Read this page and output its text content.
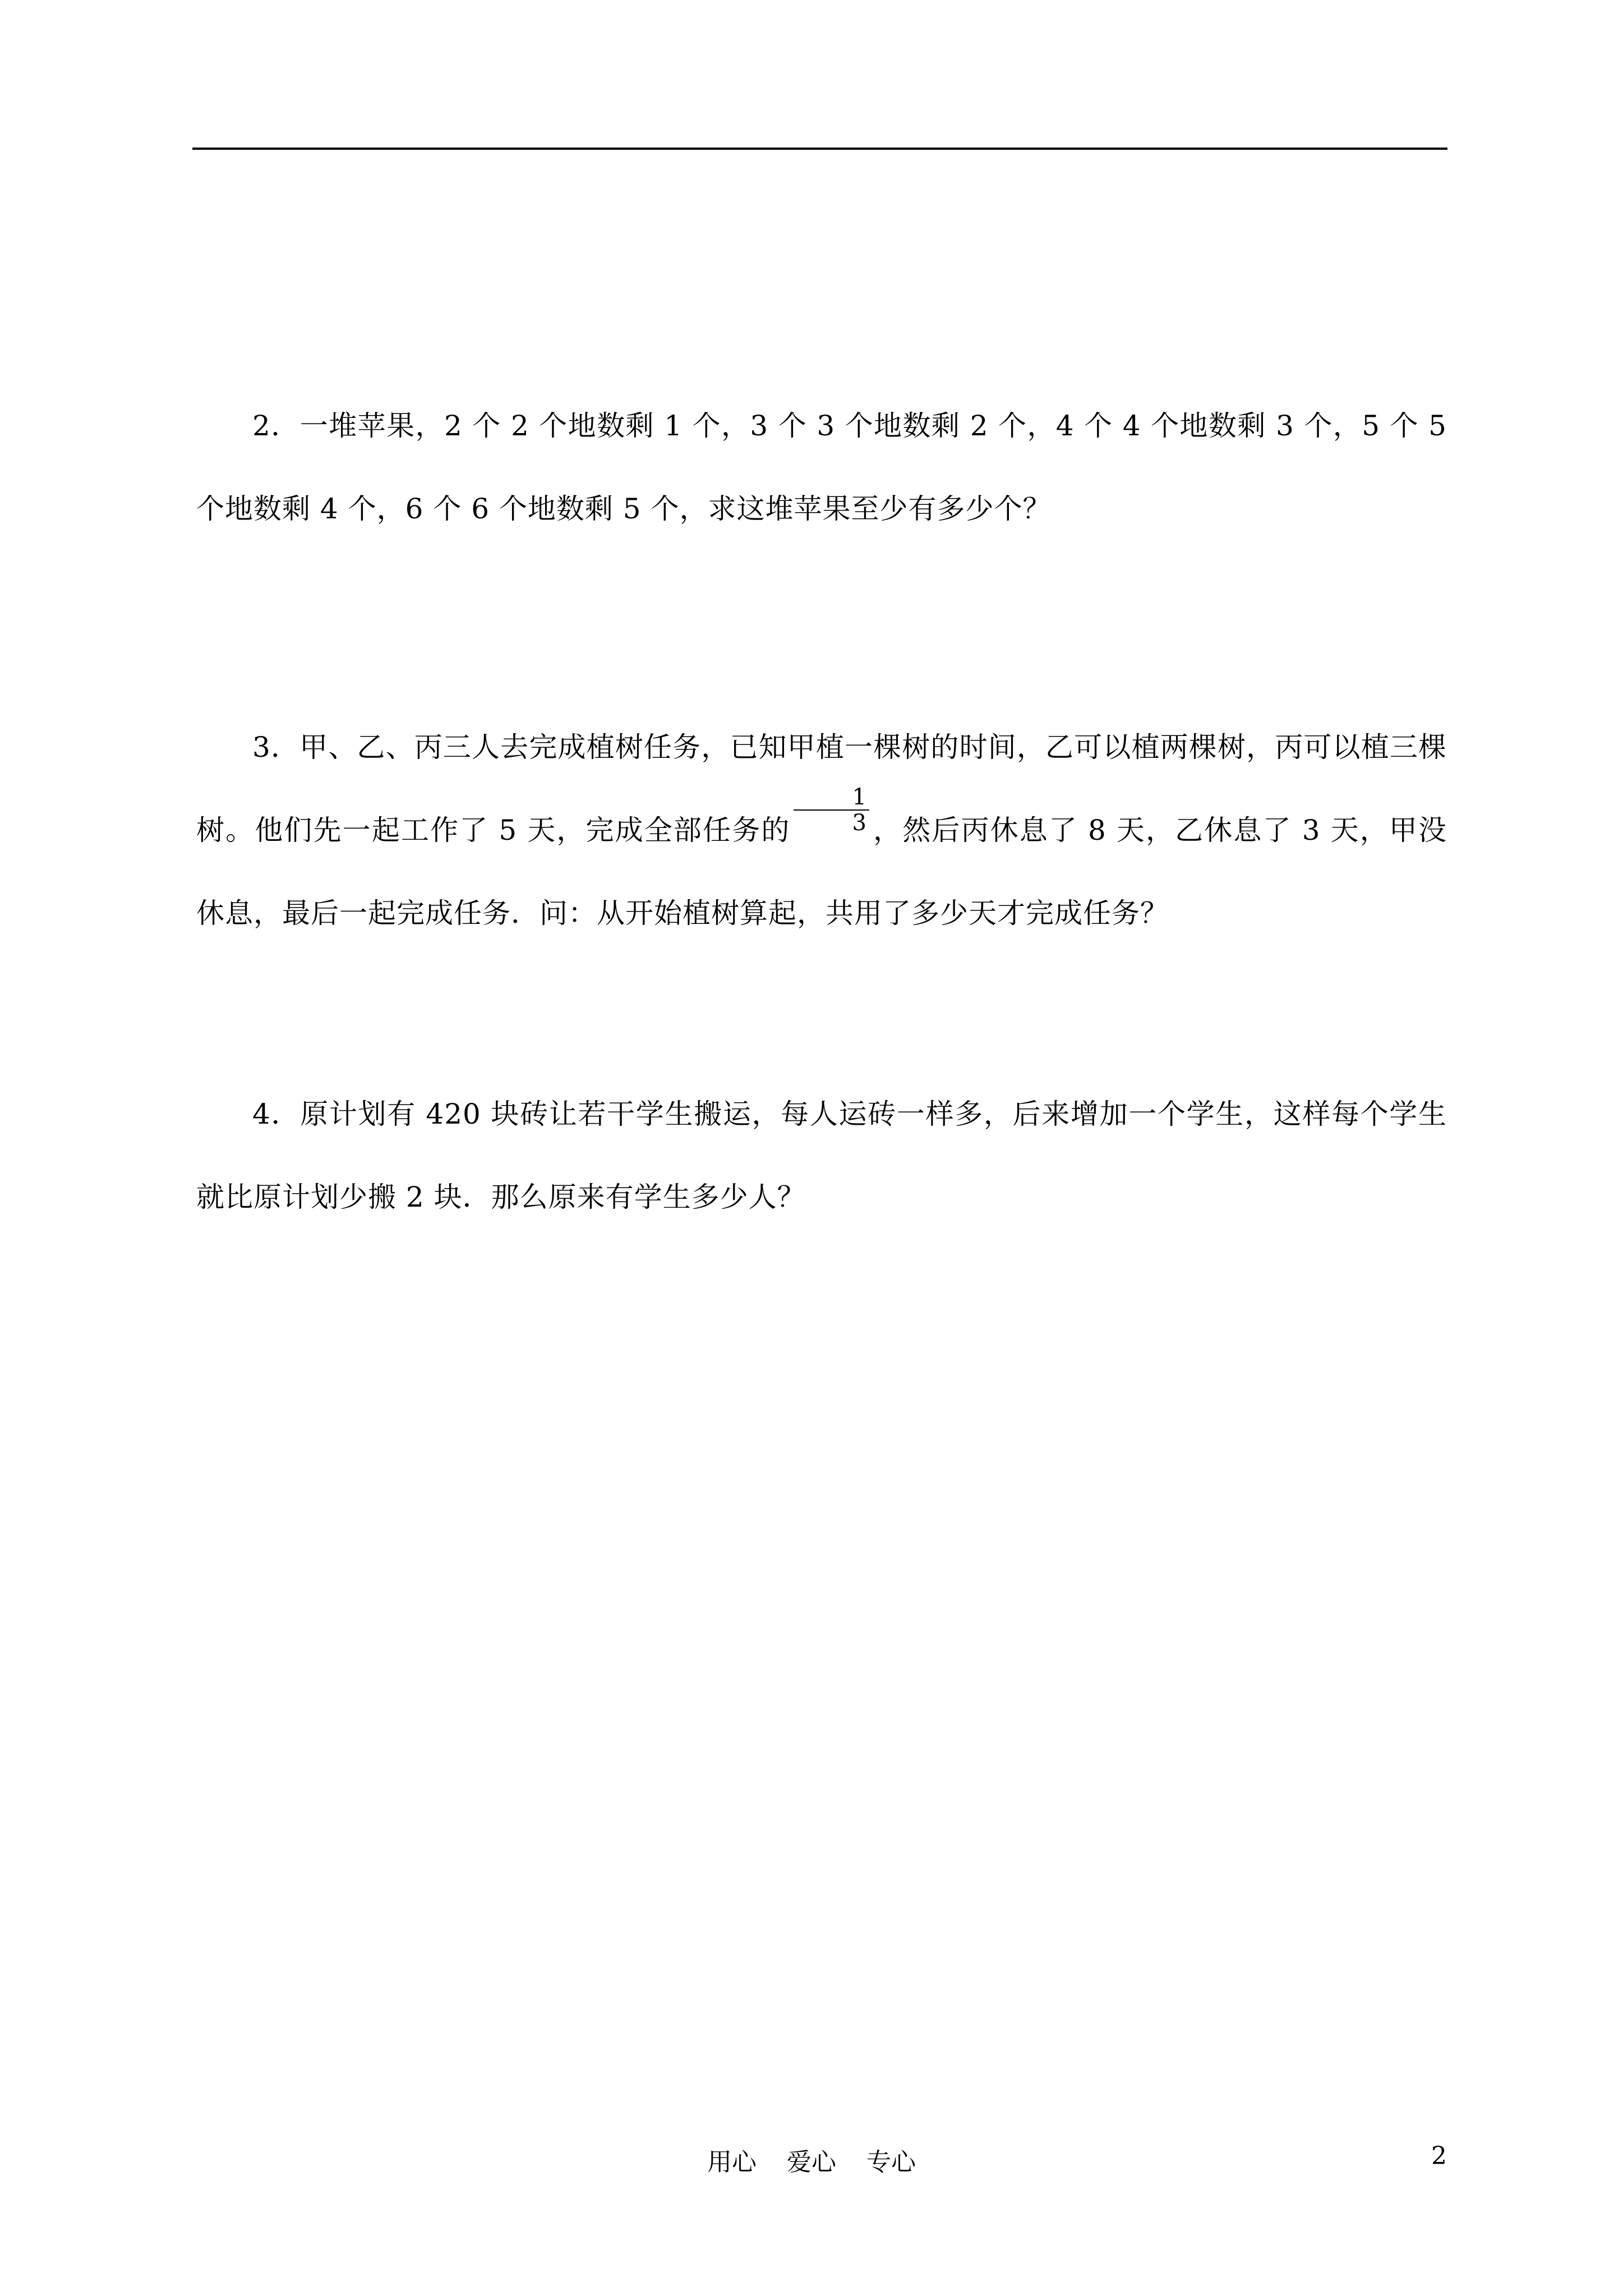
2．一堆苹果，2 个 2 个地数剩 1 个，3 个 3 个地数剩 2 个，4 个 4 个地数剩 3 个，5 个 5 个地数剩 4 个，6 个 6 个地数剩 5 个，求这堆苹果至少有多少个？

3．甲、乙、丙三人去完成植树任务，已知甲植一棵树的时间，乙可以植两棵树，丙可以植三棵树。他们先一起工作了 5 天，完成全部任务的 $\frac{1}{3}$ ，然后丙休息了 8 天，乙休息了 3 天，甲没休息，最后一起完成任务．问：从开始植树算起，共用了多少天才完成任务？

4．原计划有 420 块砖让若干学生搬运，每人运砖一样多，后来增加一个学生，这样每个学生就比原计划少搬 2 块．那么原来有学生多少人？

用心 爱心 专心	2
